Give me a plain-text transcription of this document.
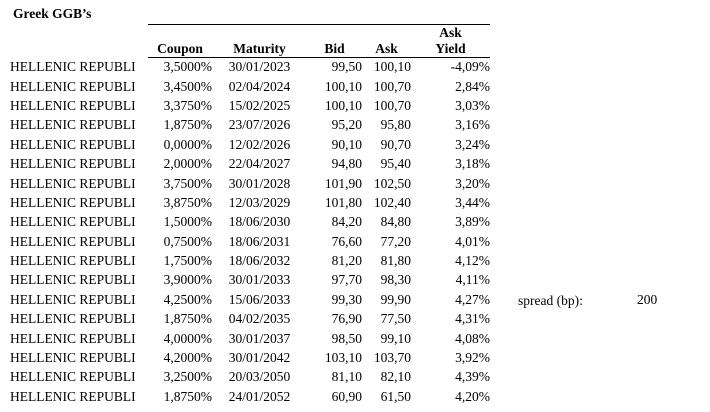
Greek GGB’s
					Ask
	Coupon	Maturity	Bid	Ask	Yield
HELLENIC REPUBLI	3,5000%	30/01/2023	99,50	100,10	-4,09%
HELLENIC REPUBLI	3,4500%	02/04/2024	100,10	100,70	2,84%
HELLENIC REPUBLI	3,3750%	15/02/2025	100,10	100,70	3,03%
HELLENIC REPUBLI	1,8750%	23/07/2026	95,20	95,80	3,16%
HELLENIC REPUBLI	0,0000%	12/02/2026	90,10	90,70	3,24%
HELLENIC REPUBLI	2,0000%	22/04/2027	94,80	95,40	3,18%
HELLENIC REPUBLI	3,7500%	30/01/2028	101,90	102,50	3,20%
HELLENIC REPUBLI	3,8750%	12/03/2029	101,80	102,40	3,44%
HELLENIC REPUBLI	1,5000%	18/06/2030	84,20	84,80	3,89%
HELLENIC REPUBLI	0,7500%	18/06/2031	76,60	77,20	4,01%
HELLENIC REPUBLI	1,7500%	18/06/2032	81,20	81,80	4,12%
HELLENIC REPUBLI	3,9000%	30/01/2033	97,70	98,30	4,11%
HELLENIC REPUBLI	4,2500%	15/06/2033	99,30	99,90	4,27%
HELLENIC REPUBLI	1,8750%	04/02/2035	76,90	77,50	4,31%
HELLENIC REPUBLI	4,0000%	30/01/2037	98,50	99,10	4,08%
HELLENIC REPUBLI	4,2000%	30/01/2042	103,10	103,70	3,92%
HELLENIC REPUBLI	3,2500%	20/03/2050	81,10	82,10	4,39%
HELLENIC REPUBLI	1,8750%	24/01/2052	60,90	61,50	4,20%
spread (bp):	200
